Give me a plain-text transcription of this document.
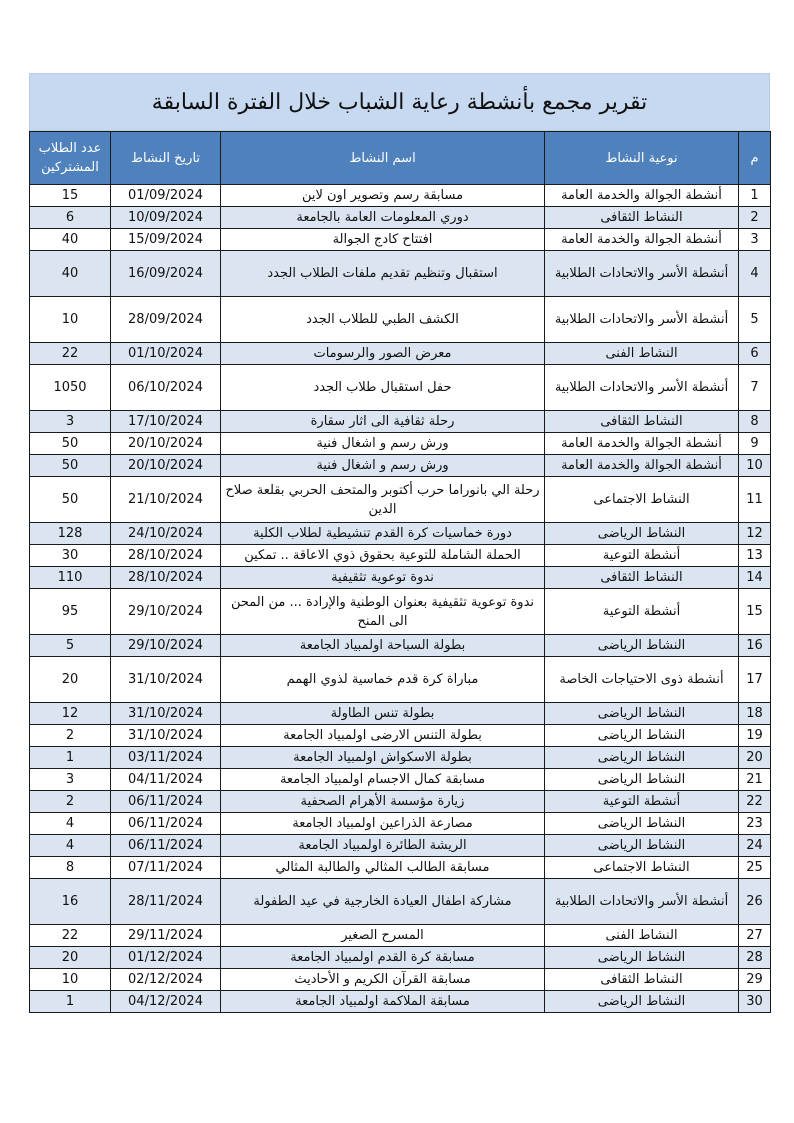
تقرير مجمع بأنشطة رعاية الشباب خلال الفترة السابقة
م	نوعية النشاط	اسم النشاط	تاريخ النشاط	عدد الطلاب المشتركين
1	أنشطة الجوالة والخدمة العامة	مسابقة رسم وتصوير اون لاين	01/09/2024	15
2	النشاط الثقافى	دوري المعلومات العامة بالجامعة	10/09/2024	6
3	أنشطة الجوالة والخدمة العامة	افتتاح كادج الجوالة	15/09/2024	40
4	أنشطة الأسر والاتحادات الطلابية	استقبال وتنظيم تقديم ملفات الطلاب الجدد	16/09/2024	40
5	أنشطة الأسر والاتحادات الطلابية	الكشف الطبي للطلاب الجدد	28/09/2024	10
6	النشاط الفنى	معرض الصور والرسومات	01/10/2024	22
7	أنشطة الأسر والاتحادات الطلابية	حفل استقبال طلاب الجدد	06/10/2024	1050
8	النشاط الثقافى	رحلة ثقافية الى اثار سقارة	17/10/2024	3
9	أنشطة الجوالة والخدمة العامة	ورش رسم و اشغال فنية	20/10/2024	50
10	أنشطة الجوالة والخدمة العامة	ورش رسم و اشغال فنية	20/10/2024	50
11	النشاط الاجتماعى	رحلة الي بانوراما حرب أكتوبر والمتحف الحربي بقلعة صلاح الدين	21/10/2024	50
12	النشاط الرياضى	دورة خماسيات كرة القدم تنشيطية لطلاب الكلية	24/10/2024	128
13	أنشطة التوعية	الحملة الشاملة للتوعية بحقوق ذوي الاعاقة .. تمكين	28/10/2024	30
14	النشاط الثقافى	ندوة توعوية تثقيفية	28/10/2024	110
15	أنشطة التوعية	ندوة توعوية تثقيفية بعنوان الوطنية والإرادة ... من المحن الى المنح	29/10/2024	95
16	النشاط الرياضى	بطولة السباحة اولمبياد الجامعة	29/10/2024	5
17	أنشطة ذوى الاحتياجات الخاصة	مباراة كرة قدم خماسية لذوي الهمم	31/10/2024	20
18	النشاط الرياضى	بطولة تنس الطاولة	31/10/2024	12
19	النشاط الرياضى	بطولة التنس الارضى اولمبياد الجامعة	31/10/2024	2
20	النشاط الرياضى	بطولة الاسكواش اولمبياد الجامعة	03/11/2024	1
21	النشاط الرياضى	مسابقة كمال الاجسام اولمبياد الجامعة	04/11/2024	3
22	أنشطة التوعية	زيارة مؤسسة الأهرام الصحفية	06/11/2024	2
23	النشاط الرياضى	مصارعة الذراعين اولمبياد الجامعة	06/11/2024	4
24	النشاط الرياضى	الريشة الطائرة اولمبياد الجامعة	06/11/2024	4
25	النشاط الاجتماعى	مسابقة الطالب المثالي والطالبة المثالي	07/11/2024	8
26	أنشطة الأسر والاتحادات الطلابية	مشاركة اطفال العيادة الخارجية في عيد الطفولة	28/11/2024	16
27	النشاط الفنى	المسرح الصغير	29/11/2024	22
28	النشاط الرياضى	مسابقة كرة القدم اولمبياد الجامعة	01/12/2024	20
29	النشاط الثقافى	مسابقة القرآن الكريم و الأحاديث	02/12/2024	10
30	النشاط الرياضى	مسابقة الملاكمة اولمبياد الجامعة	04/12/2024	1
